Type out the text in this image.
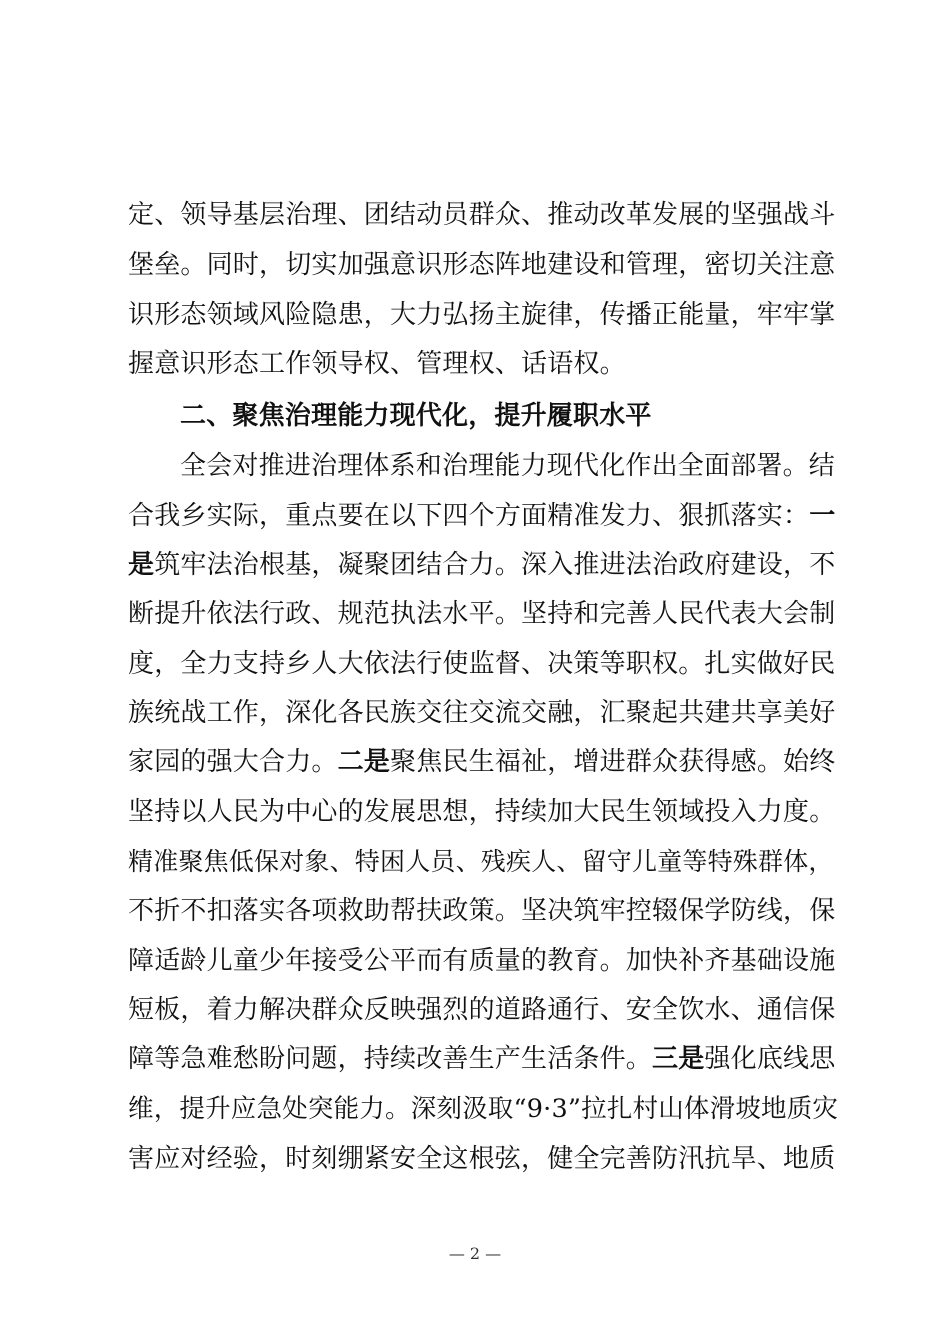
定、领导基层治理、团结动员群众、推动改革发展的坚强战斗
堡垒。同时，切实加强意识形态阵地建设和管理，密切关注意
识形态领域风险隐患，大力弘扬主旋律，传播正能量，牢牢掌
握意识形态工作领导权、管理权、话语权。
二、聚焦治理能力现代化，提升履职水平
全会对推进治理体系和治理能力现代化作出全面部署。结
合我乡实际，重点要在以下四个方面精准发力、狠抓落实：一
是筑牢法治根基，凝聚团结合力。深入推进法治政府建设，不
断提升依法行政、规范执法水平。坚持和完善人民代表大会制
度，全力支持乡人大依法行使监督、决策等职权。扎实做好民
族统战工作，深化各民族交往交流交融，汇聚起共建共享美好
家园的强大合力。二是聚焦民生福祉，增进群众获得感。始终
坚持以人民为中心的发展思想，持续加大民生领域投入力度。
精准聚焦低保对象、特困人员、残疾人、留守儿童等特殊群体，
不折不扣落实各项救助帮扶政策。坚决筑牢控辍保学防线，保
障适龄儿童少年接受公平而有质量的教育。加快补齐基础设施
短板，着力解决群众反映强烈的道路通行、安全饮水、通信保
障等急难愁盼问题，持续改善生产生活条件。三是强化底线思
维，提升应急处突能力。深刻汲取“9·3”拉扎村山体滑坡地质灾
害应对经验，时刻绷紧安全这根弦，健全完善防汛抗旱、地质
— 2 —
